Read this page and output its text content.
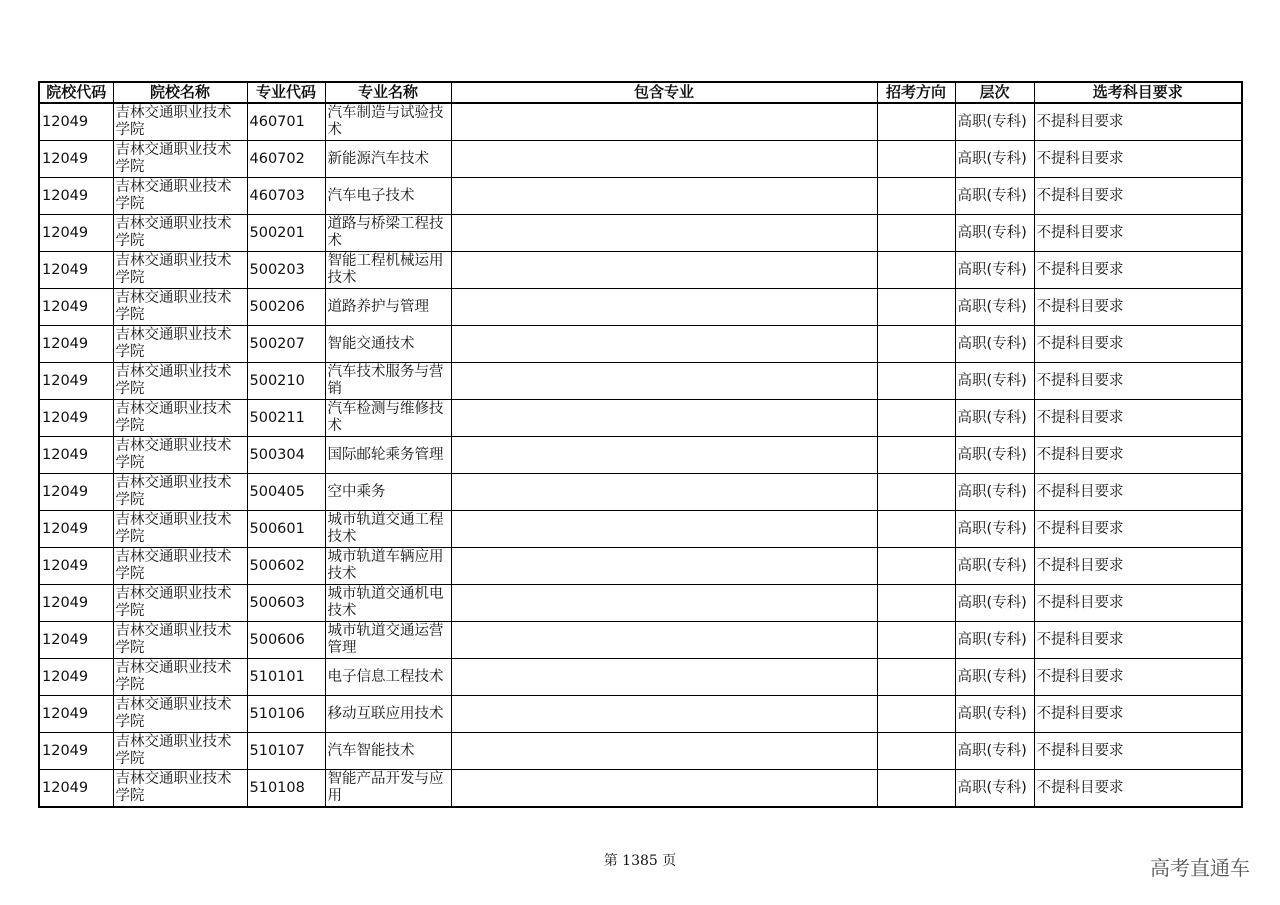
院校代码	院校名称	专业代码	专业名称	包含专业	招考方向	层次	选考科目要求
12049	吉林交通职业技术学院	460701	汽车制造与试验技术			高职(专科)	不提科目要求
12049	吉林交通职业技术学院	460702	新能源汽车技术			高职(专科)	不提科目要求
12049	吉林交通职业技术学院	460703	汽车电子技术			高职(专科)	不提科目要求
12049	吉林交通职业技术学院	500201	道路与桥梁工程技术			高职(专科)	不提科目要求
12049	吉林交通职业技术学院	500203	智能工程机械运用技术			高职(专科)	不提科目要求
12049	吉林交通职业技术学院	500206	道路养护与管理			高职(专科)	不提科目要求
12049	吉林交通职业技术学院	500207	智能交通技术			高职(专科)	不提科目要求
12049	吉林交通职业技术学院	500210	汽车技术服务与营销			高职(专科)	不提科目要求
12049	吉林交通职业技术学院	500211	汽车检测与维修技术			高职(专科)	不提科目要求
12049	吉林交通职业技术学院	500304	国际邮轮乘务管理			高职(专科)	不提科目要求
12049	吉林交通职业技术学院	500405	空中乘务			高职(专科)	不提科目要求
12049	吉林交通职业技术学院	500601	城市轨道交通工程技术			高职(专科)	不提科目要求
12049	吉林交通职业技术学院	500602	城市轨道车辆应用技术			高职(专科)	不提科目要求
12049	吉林交通职业技术学院	500603	城市轨道交通机电技术			高职(专科)	不提科目要求
12049	吉林交通职业技术学院	500606	城市轨道交通运营管理			高职(专科)	不提科目要求
12049	吉林交通职业技术学院	510101	电子信息工程技术			高职(专科)	不提科目要求
12049	吉林交通职业技术学院	510106	移动互联应用技术			高职(专科)	不提科目要求
12049	吉林交通职业技术学院	510107	汽车智能技术			高职(专科)	不提科目要求
12049	吉林交通职业技术学院	510108	智能产品开发与应用			高职(专科)	不提科目要求
第 1385 页	高考直通车
